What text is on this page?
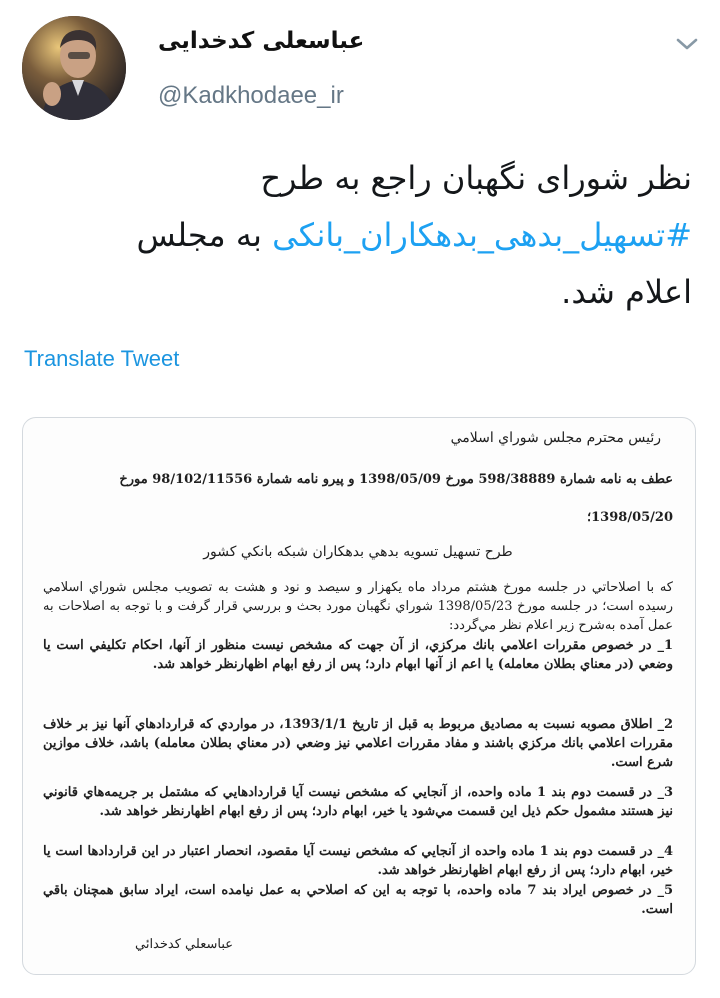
عباسعلی کدخدایی
@Kadkhodaee_ir
نظر شورای نگهبان راجع به طرح
#تسهیل_بدهی_بدهکاران_بانکی به مجلس
اعلام شد.
Translate Tweet
رئيس محترم مجلس شوراي اسلامي
عطف به نامه شمارة 598/38889 مورخ 1398/05/09 و پيرو نامه شمارة 98/102/11556 مورخ
1398/05/20؛
طرح تسهيل تسويه بدهي بدهكاران شبكه بانكي كشور
كه با اصلاحاتي در جلسه مورخ هشتم مرداد ماه يكهزار و سيصد و نود و هشت به تصويب مجلس شوراي اسلامي رسيده است؛ در جلسه مورخ 1398/05/23 شوراي نگهبان مورد بحث و بررسي قرار گرفت و با توجه به اصلاحات به عمل آمده به‌شرح زير اعلام نظر مي‌گردد:
1_ در خصوص مقررات اعلامي بانك مركزي، از آن جهت كه مشخص نيست منظور از آنها، احكام تكليفي است يا وضعي (در معناي بطلان معامله) يا اعم از آنها ابهام دارد؛ پس از رفع ابهام اظهارنظر خواهد شد.
2_ اطلاق مصوبه نسبت به مصاديق مربوط به قبل از تاريخ 1393/1/1، در مواردي كه قراردادهاي آنها نيز بر خلاف مقررات اعلامي بانك مركزي باشند و مفاد مقررات اعلامي نيز وضعي (در معناي بطلان معامله) باشد، خلاف موازين شرع است.
3_ در قسمت دوم بند 1 ماده واحده، از آنجايي كه مشخص نيست آيا قراردادهايي كه مشتمل بر جريمه‌هاي قانوني نيز هستند مشمول حكم ذيل اين قسمت مي‌شود يا خير، ابهام دارد؛ پس از رفع ابهام اظهارنظر خواهد شد.
4_ در قسمت دوم بند 1 ماده واحده از آنجايي كه مشخص نيست آيا مقصود، انحصار اعتبار در اين قراردادها است يا خير، ابهام دارد؛ پس از رفع ابهام اظهارنظر خواهد شد.
5_ در خصوص ايراد بند 7 ماده واحده، با توجه به اين كه اصلاحي به عمل نيامده است، ايراد سابق همچنان باقي است.
عباسعلي كدخدائي
